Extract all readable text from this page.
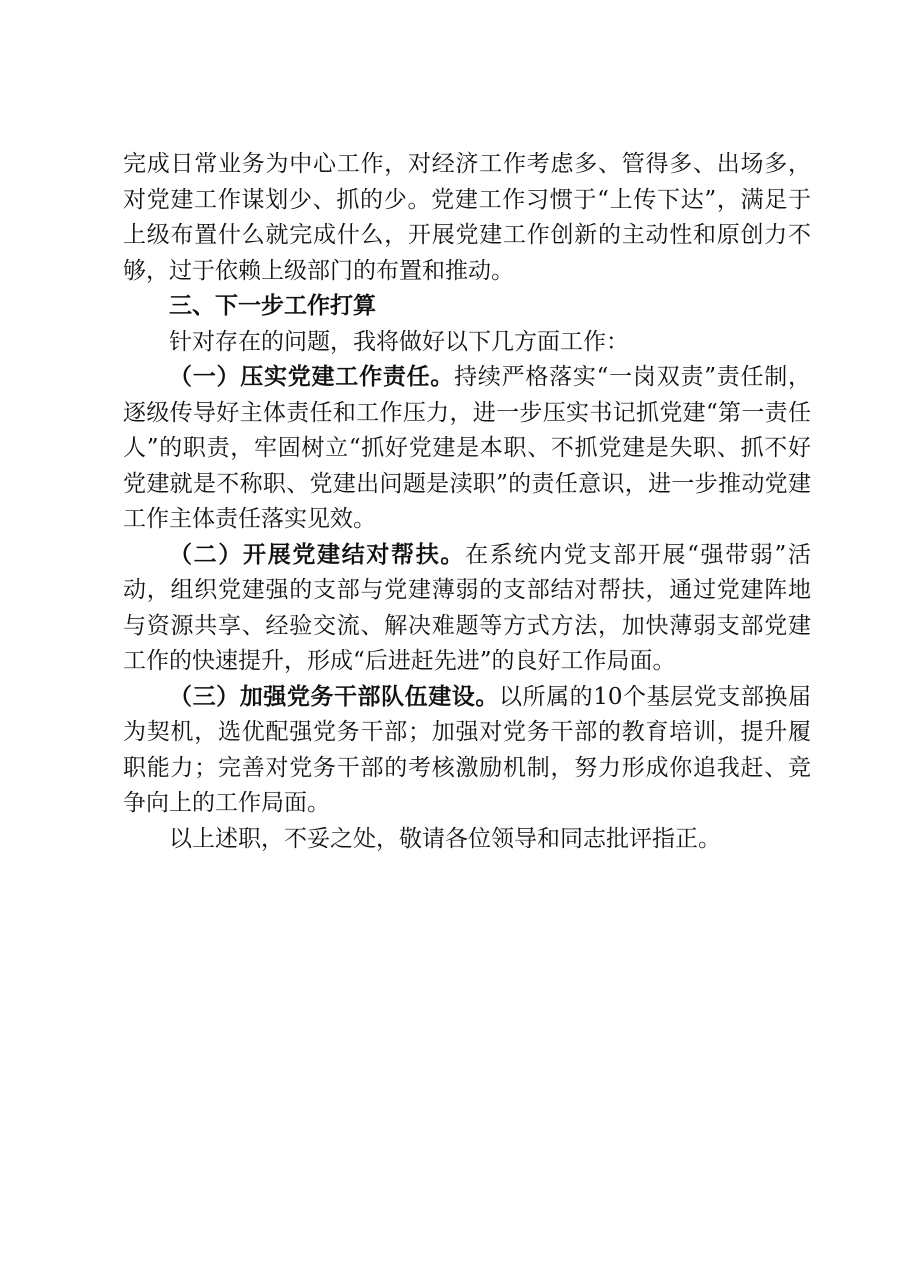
完成日常业务为中心工作，对经济工作考虑多、管得多、出场多，对党建工作谋划少、抓的少。党建工作习惯于“上传下达”，满足于上级布置什么就完成什么，开展党建工作创新的主动性和原创力不够，过于依赖上级部门的布置和推动。

三、下一步工作打算

针对存在的问题，我将做好以下几方面工作：

（一）压实党建工作责任。持续严格落实“一岗双责”责任制，逐级传导好主体责任和工作压力，进一步压实书记抓党建“第一责任人”的职责，牢固树立“抓好党建是本职、不抓党建是失职、抓不好党建就是不称职、党建出问题是渎职”的责任意识，进一步推动党建工作主体责任落实见效。

（二）开展党建结对帮扶。在系统内党支部开展“强带弱”活动，组织党建强的支部与党建薄弱的支部结对帮扶，通过党建阵地与资源共享、经验交流、解决难题等方式方法，加快薄弱支部党建工作的快速提升，形成“后进赶先进”的良好工作局面。

（三）加强党务干部队伍建设。以所属的10个基层党支部换届为契机，选优配强党务干部；加强对党务干部的教育培训，提升履职能力；完善对党务干部的考核激励机制，努力形成你追我赶、竞争向上的工作局面。

以上述职，不妥之处，敬请各位领导和同志批评指正。
